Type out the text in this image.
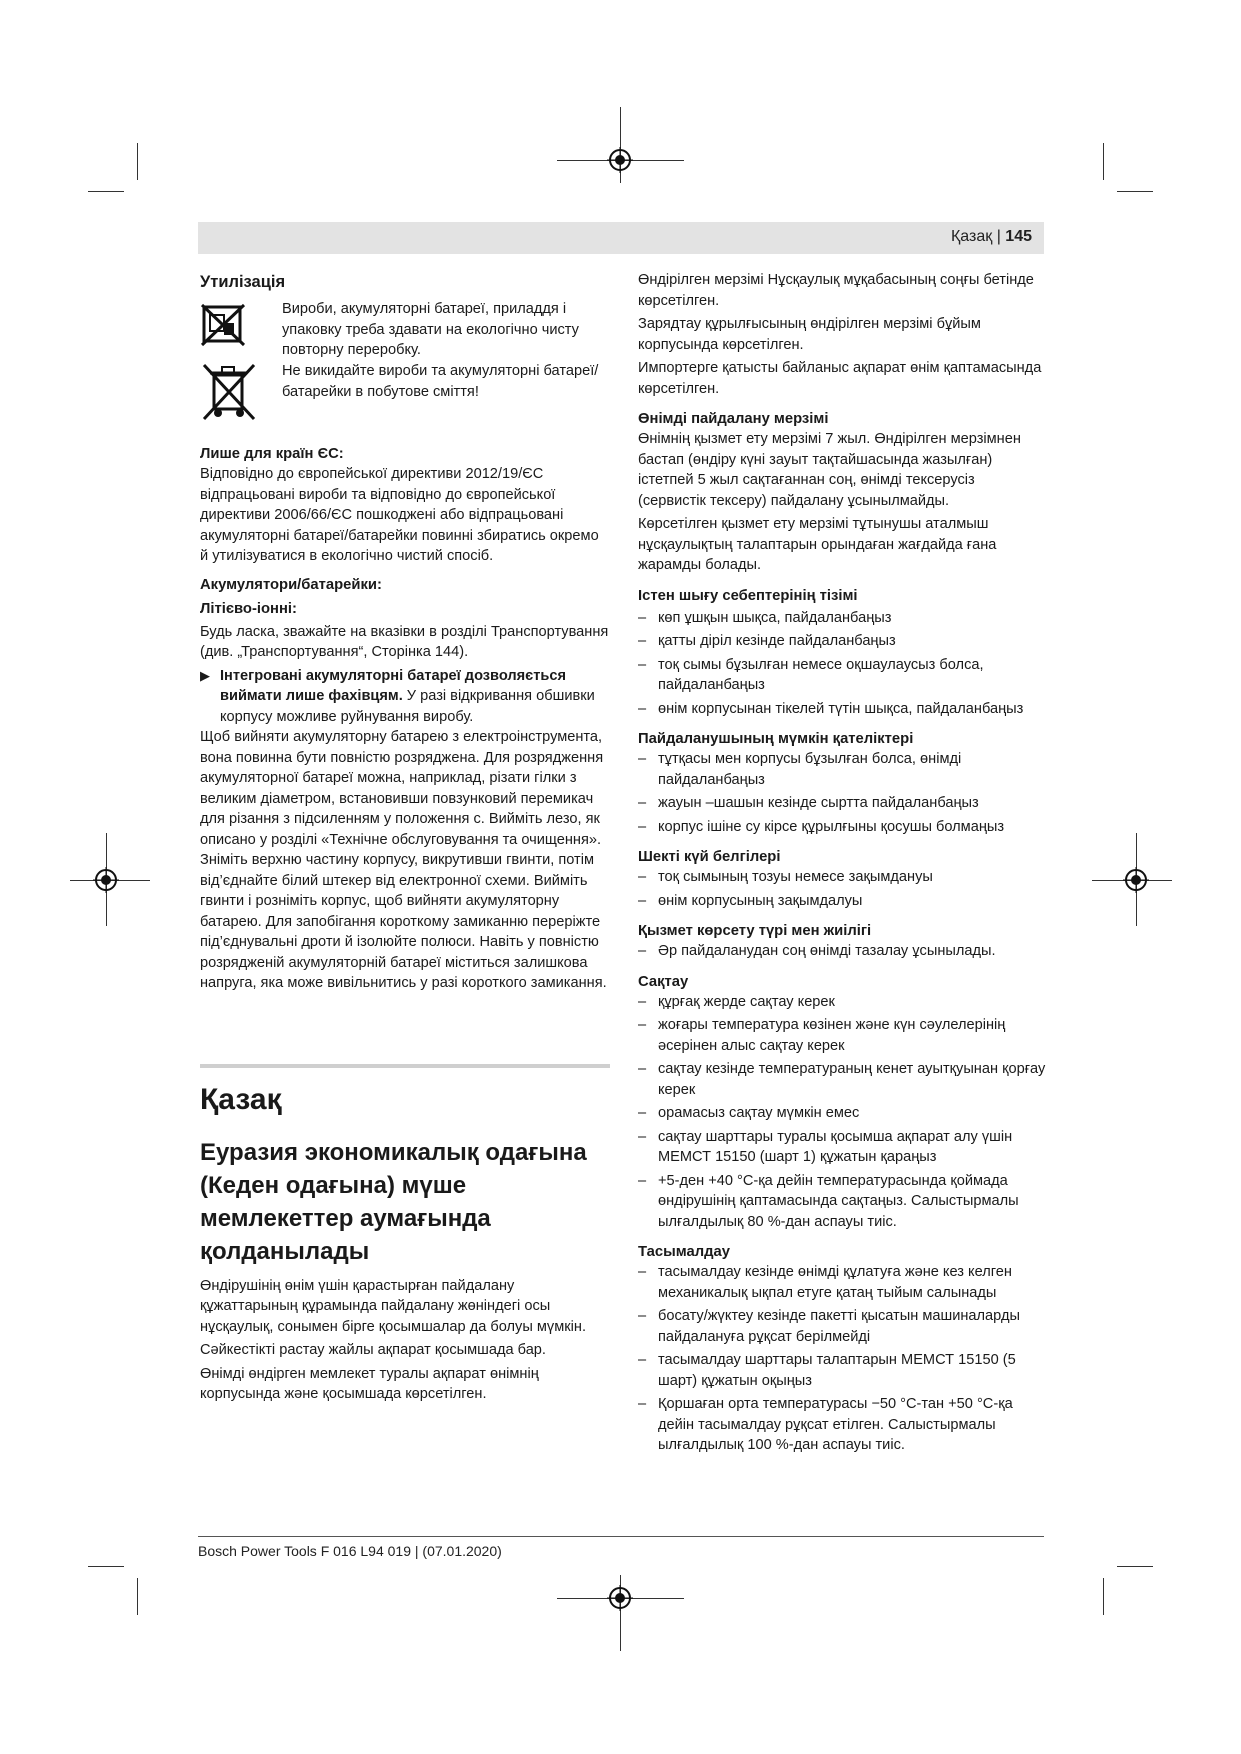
Қазақ | 145

Утилізація

Вироби, акумуляторні батареї, приладдя і упаковку треба здавати на екологічно чисту повторну переробку.

Не викидайте вироби та акумуляторні батареї/батарейки в побутове сміття!

Лише для країн ЄС:

Відповідно до європейської директиви 2012/19/ЄС відпрацьовані вироби та відповідно до європейської директиви 2006/66/ЄС пошкоджені або відпрацьовані акумуляторні батареї/батарейки повинні збиратись окремо й утилізуватися в екологічно чистий спосіб.

Акумулятори/батарейки:

Літієво-іонні:

Будь ласка, зважайте на вказівки в розділі Транспортування (див. „Транспортування“, Сторінка 144).

▶ Інтегровані акумуляторні батареї дозволяється виймати лише фахівцям. У разі відкривання обшивки корпусу можливе руйнування виробу.

Щоб вийняти акумуляторну батарею з електроінструмента, вона повинна бути повністю розряджена. Для розрядження акумуляторної батареї можна, наприклад, різати гілки з великим діаметром, встановивши повзунковий перемикач для різання з підсиленням у положення c. Вийміть лезо, як описано у розділі «Технічне обслуговування та очищення». Зніміть верхню частину корпусу, викрутивши гвинти, потім від’єднайте білий штекер від електронної схеми. Вийміть гвинти і розніміть корпус, щоб вийняти акумуляторну батарею. Для запобігання короткому замиканню переріжте під’єднувальні дроти й ізолюйте полюси. Навіть у повністю розрядженій акумуляторній батареї міститься залишкова напруга, яка може вивільнитись у разі короткого замикання.

Қазақ

Еуразия экономикалық одағына (Кеден одағына) мүше мемлекеттер аумағында қолданылады

Өндірушінің өнім үшін қарастырған пайдалану құжаттарының құрамында пайдалану жөніндегі осы нұсқаулық, сонымен бірге қосымшалар да болуы мүмкін.

Сәйкестікті растау жайлы ақпарат қосымшада бар.

Өнімді өндірген мемлекет туралы ақпарат өнімнің корпусында және қосымшада көрсетілген.

Өндірілген мерзімі Нұсқаулық мұқабасының соңғы бетінде көрсетілген.

Зарядтау құрылғысының өндірілген мерзімі бұйым корпусында көрсетілген.

Импортерге қатысты байланыс ақпарат өнім қаптамасында көрсетілген.

Өнімді пайдалану мерзімі

Өнімнің қызмет ету мерзімі 7 жыл. Өндірілген мерзімнен бастап (өндіру күні зауыт тақтайшасында жазылған) істетпей 5 жыл сақтағаннан соң, өнімді тексерусіз (сервистік тексеру) пайдалану ұсынылмайды.

Көрсетілген қызмет ету мерзімі тұтынушы аталмыш нұсқаулықтың талаптарын орындаған жағдайда ғана жарамды болады.

Істен шығу себептерінің тізімі

– көп ұшқын шықса, пайдаланбаңыз

– қатты діріл кезінде пайдаланбаңыз

– тоқ сымы бұзылған немесе оқшаулаусыз болса, пайдаланбаңыз

– өнім корпусынан тікелей түтін шықса, пайдаланбаңыз

Пайдаланушының мүмкін қателіктері

– тұтқасы мен корпусы бұзылған болса, өнімді пайдаланбаңыз

– жауын –шашын кезінде сыртта пайдаланбаңыз

– корпус ішіне су кірсе құрылғыны қосушы болмаңыз

Шекті күй белгілері

– тоқ сымының тозуы немесе зақымдануы

– өнім корпусының зақымдалуы

Қызмет көрсету түрі мен жиілігі

– Әр пайдаланудан соң өнімді тазалау ұсынылады.

Сақтау

– құрғақ жерде сақтау керек

– жоғары температура көзінен және күн сәулелерінің әсерінен алыс сақтау керек

– сақтау кезінде температураның кенет ауытқуынан қорғау керек

– орамасыз сақтау мүмкін емес

– сақтау шарттары туралы қосымша ақпарат алу үшін МЕМСТ 15150 (шарт 1) құжатын қараңыз

– +5-ден +40 °C-қа дейін температурасында қоймада өндірушінің қаптамасында сақтаңыз. Салыстырмалы ылғалдылық 80 %-дан аспауы тиіс.

Тасымалдау

– тасымалдау кезінде өнімді құлатуға және кез келген механикалық ықпал етуге қатаң тыйым салынады

– босату/жүктеу кезінде пакетті қысатын машиналарды пайдалануға рұқсат берілмейді

– тасымалдау шарттары талаптарын МЕМСТ 15150 (5 шарт) құжатын оқыңыз

– Қоршаған орта температурасы −50 °C-тан +50 °C-қа дейін тасымалдау рұқсат етілген. Салыстырмалы ылғалдылық 100 %-дан аспауы тиіс.

Bosch Power Tools F 016 L94 019 | (07.01.2020)
